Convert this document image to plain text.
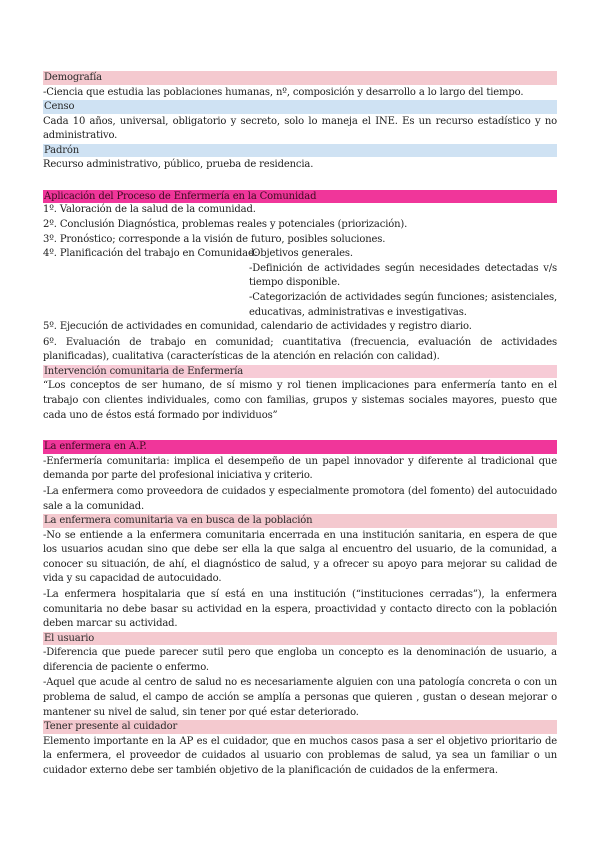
Demografía

-Ciencia que estudia las poblaciones humanas, nº, composición y desarrollo a lo largo del tiempo.

Censo

Cada 10 años, universal, obligatorio y secreto, solo lo maneja el INE. Es un recurso estadístico y no administrativo.

Padrón

Recurso administrativo, público, prueba de residencia.

Aplicación del Proceso de Enfermería en la Comunidad

1º. Valoración de la salud de la comunidad.

2º. Conclusión Diagnóstica, problemas reales y potenciales (priorización).

3º. Pronóstico; corresponde a la visión de futuro, posibles soluciones.

4º. Planificación del trabajo en Comunidad:

-Objetivos generales.

-Definición de actividades según necesidades detectadas v/s tiempo disponible.

-Categorización de actividades según funciones; asistenciales, educativas, administrativas e investigativas.

5º. Ejecución de actividades en comunidad, calendario de actividades y registro diario.

6º. Evaluación de trabajo en comunidad; cuantitativa (frecuencia, evaluación de actividades planificadas), cualitativa (características de la atención en relación con calidad).

Intervención comunitaria de Enfermería

“Los conceptos de ser humano, de sí mismo y rol tienen implicaciones para enfermería tanto en el trabajo con clientes individuales, como con familias, grupos y sistemas sociales mayores, puesto que cada uno de éstos está formado por individuos”

La enfermera en A.P.

-Enfermería comunitaria: implica el desempeño de un papel innovador y diferente al tradicional que demanda por parte del profesional iniciativa y criterio.

-La enfermera como proveedora de cuidados y especialmente promotora (del fomento) del autocuidado sale a la comunidad.

La enfermera comunitaria va en busca de la población

-No se entiende a la enfermera comunitaria encerrada en una institución sanitaria, en espera de que los usuarios acudan sino que debe ser ella la que salga al encuentro del usuario, de la comunidad, a conocer su situación, de ahí, el diagnóstico de salud, y a ofrecer su apoyo para mejorar su calidad de vida y su capacidad de autocuidado.

-La enfermera hospitalaria que sí está en una institución (“instituciones cerradas”), la enfermera comunitaria no debe basar su actividad en la espera, proactividad y contacto directo con la población deben marcar su actividad.

El usuario

-Diferencia que puede parecer sutil pero que engloba un concepto es la denominación de usuario, a diferencia de paciente o enfermo.

-Aquel que acude al centro de salud no es necesariamente alguien con una patología concreta o con un problema de salud, el campo de acción se amplía a personas que quieren , gustan o desean mejorar o mantener su nivel de salud, sin tener por qué estar deteriorado.

Tener presente al cuidador

Elemento importante en la AP es el cuidador, que en muchos casos pasa a ser el objetivo prioritario de la enfermera, el proveedor de cuidados al usuario con problemas de salud, ya sea un familiar o un cuidador externo debe ser también objetivo de la planificación de cuidados de la enfermera.
